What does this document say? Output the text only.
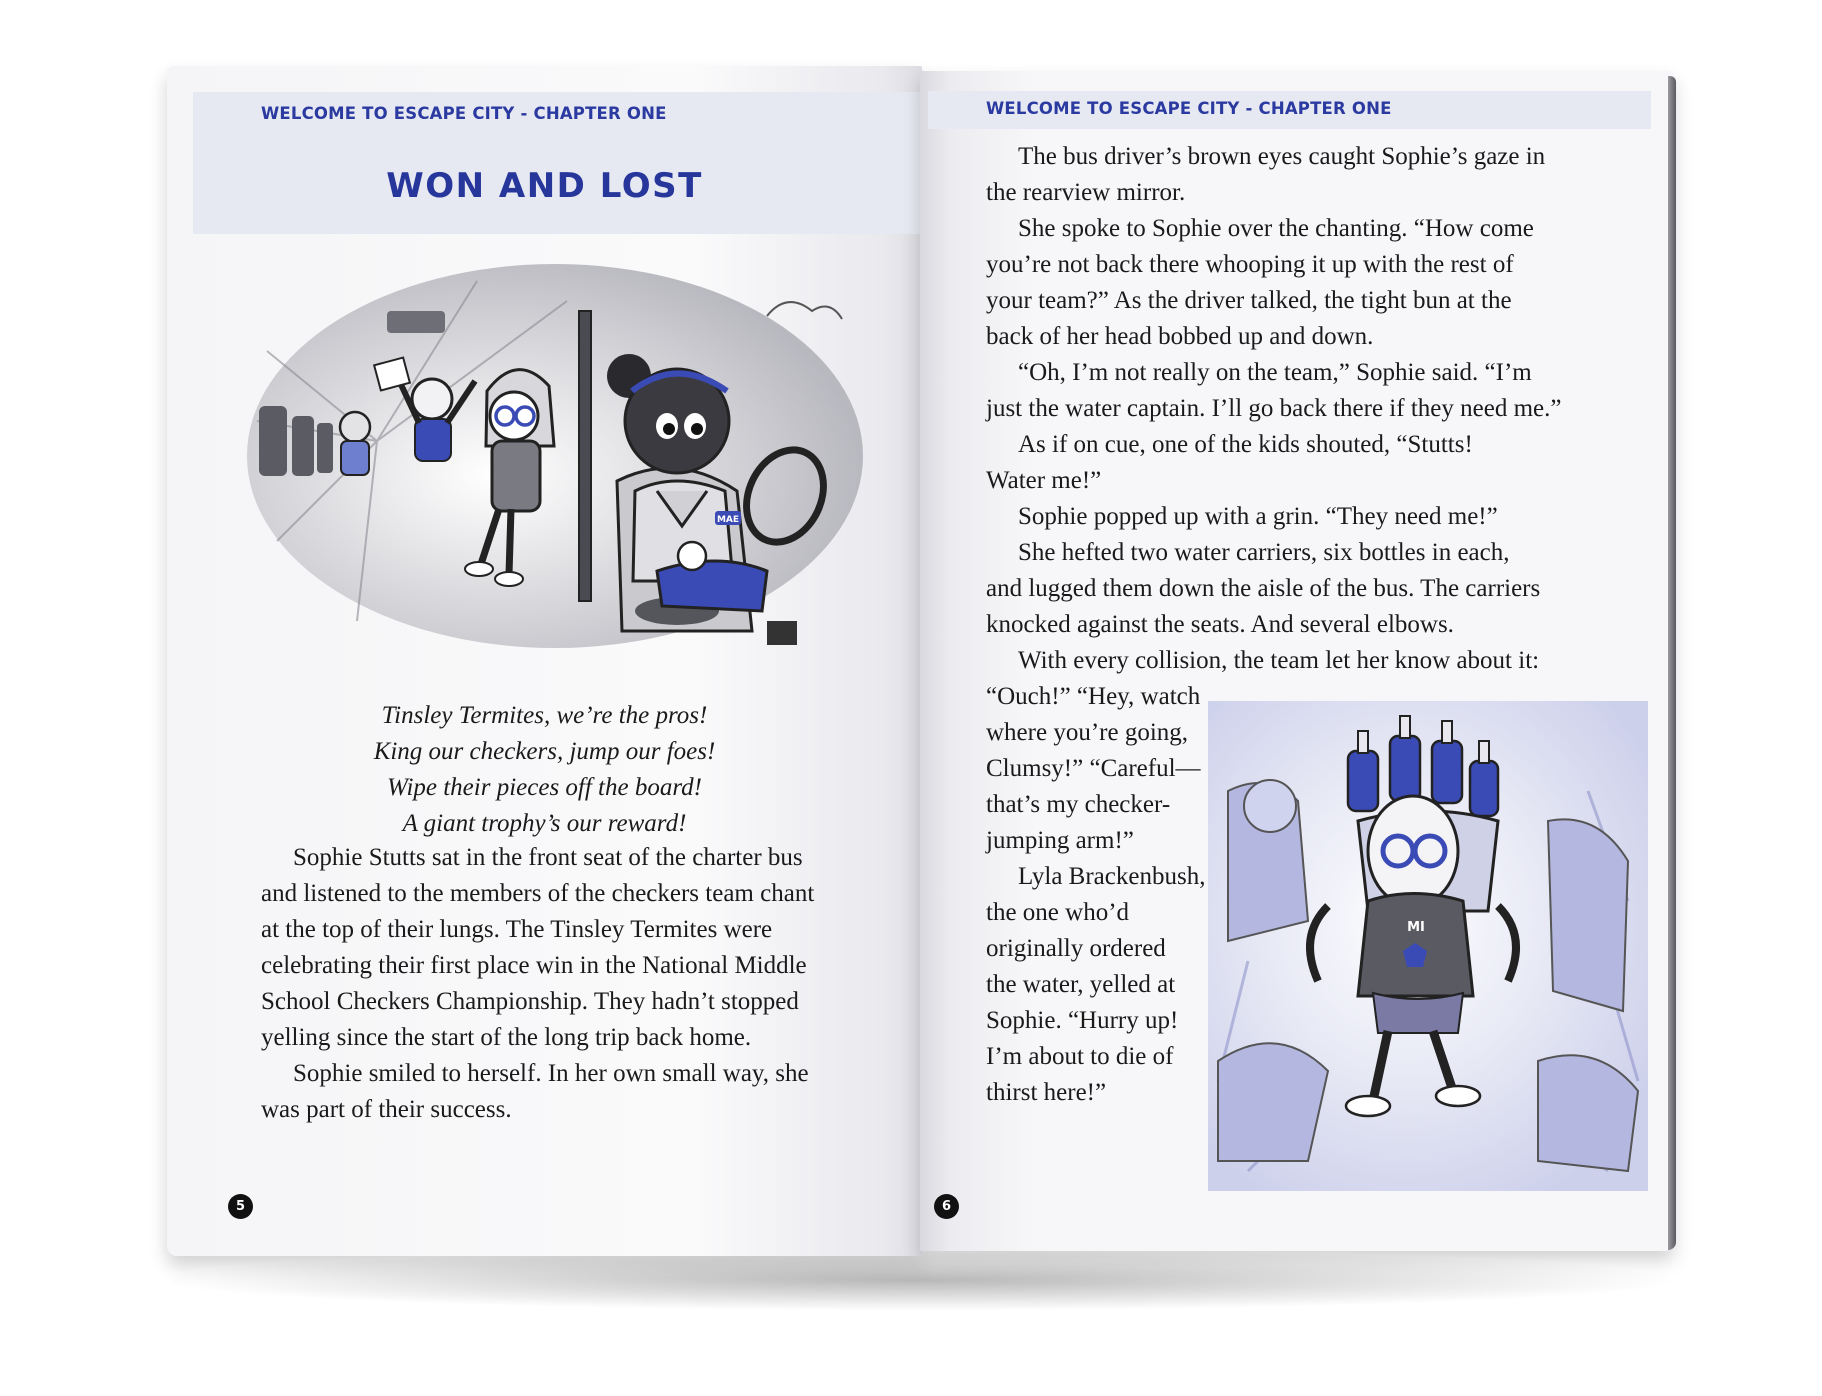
WELCOME TO ESCAPE CITY - CHAPTER ONE
WON AND LOST
MAE
Tinsley Termites, we’re the pros!
King our checkers, jump our foes!
Wipe their pieces off the board!
A giant trophy’s our reward!

Sophie Stutts sat in the front seat of the charter bus

and listened to the members of the checkers team chant

at the top of their lungs. The Tinsley Termites were

celebrating their first place win in the National Middle

School Checkers Championship. They hadn’t stopped

yelling since the start of the long trip back home.

Sophie smiled to herself. In her own small way, she

was part of their success.

5
WELCOME TO ESCAPE CITY - CHAPTER ONE

The bus driver’s brown eyes caught Sophie’s gaze in

the rearview mirror.

She spoke to Sophie over the chanting. “How come

you’re not back there whooping it up with the rest of

your team?” As the driver talked, the tight bun at the

back of her head bobbed up and down.

“Oh, I’m not really on the team,” Sophie said. “I’m

just the water captain. I’ll go back there if they need me.”

As if on cue, one of the kids shouted, “Stutts!

Water me!”

Sophie popped up with a grin. “They need me!”

She hefted two water carriers, six bottles in each,

and lugged them down the aisle of the bus. The carriers

knocked against the seats. And several elbows.

With every collision, the team let her know about it:

“Ouch!” “Hey, watch

where you’re going,

Clumsy!” “Careful—

that’s my checker-

jumping arm!”

Lyla Brackenbush,

the one who’d

originally ordered

the water, yelled at

Sophie. “Hurry up!

I’m about to die of

thirst here!”

MI
6
